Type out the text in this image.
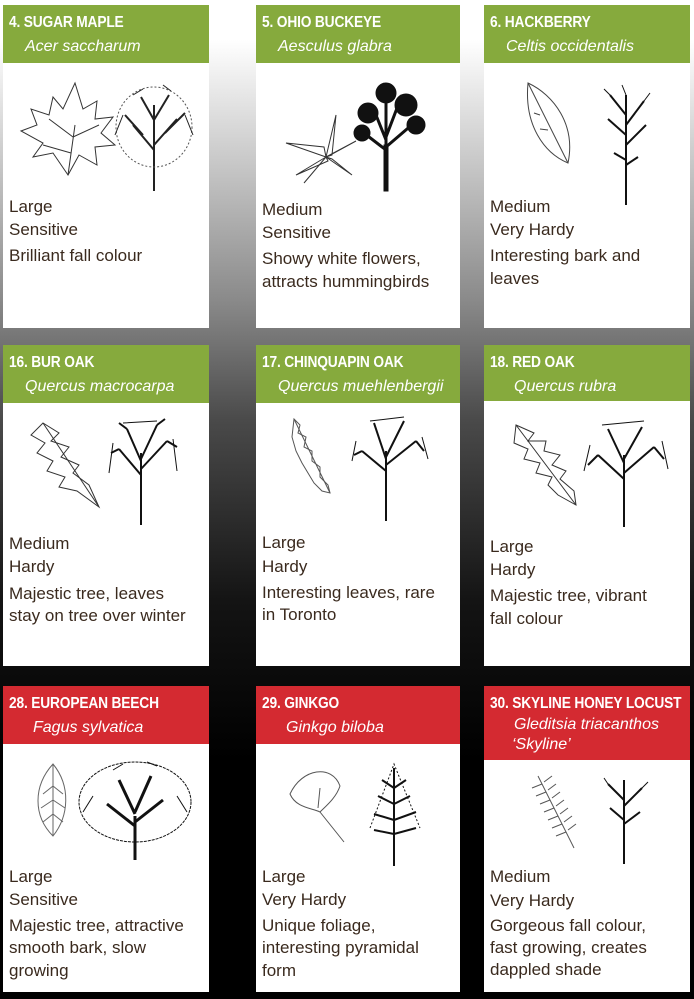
4. SUGAR MAPLE
Acer saccharum
Large
Sensitive
Brilliant fall colour
5. OHIO BUCKEYE
Aesculus glabra
Medium
Sensitive
Showy white flowers,
attracts hummingbirds
6. HACKBERRY
Celtis occidentalis
Medium
Very Hardy
Interesting bark and
leaves
16. BUR OAK
Quercus macrocarpa
Medium
Hardy
Majestic tree, leaves
stay on tree over winter
17. CHINQUAPIN OAK
Quercus muehlenbergii
Large
Hardy
Interesting leaves, rare
in Toronto
18. RED OAK
Quercus rubra
Large
Hardy
Majestic tree, vibrant
fall colour
28. EUROPEAN BEECH
Fagus sylvatica
Large
Sensitive
Majestic tree, attractive
smooth bark, slow
growing
29. GINKGO
Ginkgo biloba
Large
Very Hardy
Unique foliage,
interesting pyramidal
form
30. SKYLINE HONEY LOCUST
Gleditsia triacanthos
‘Skyline’
Medium
Very Hardy
Gorgeous fall colour,
fast growing, creates
dappled shade
